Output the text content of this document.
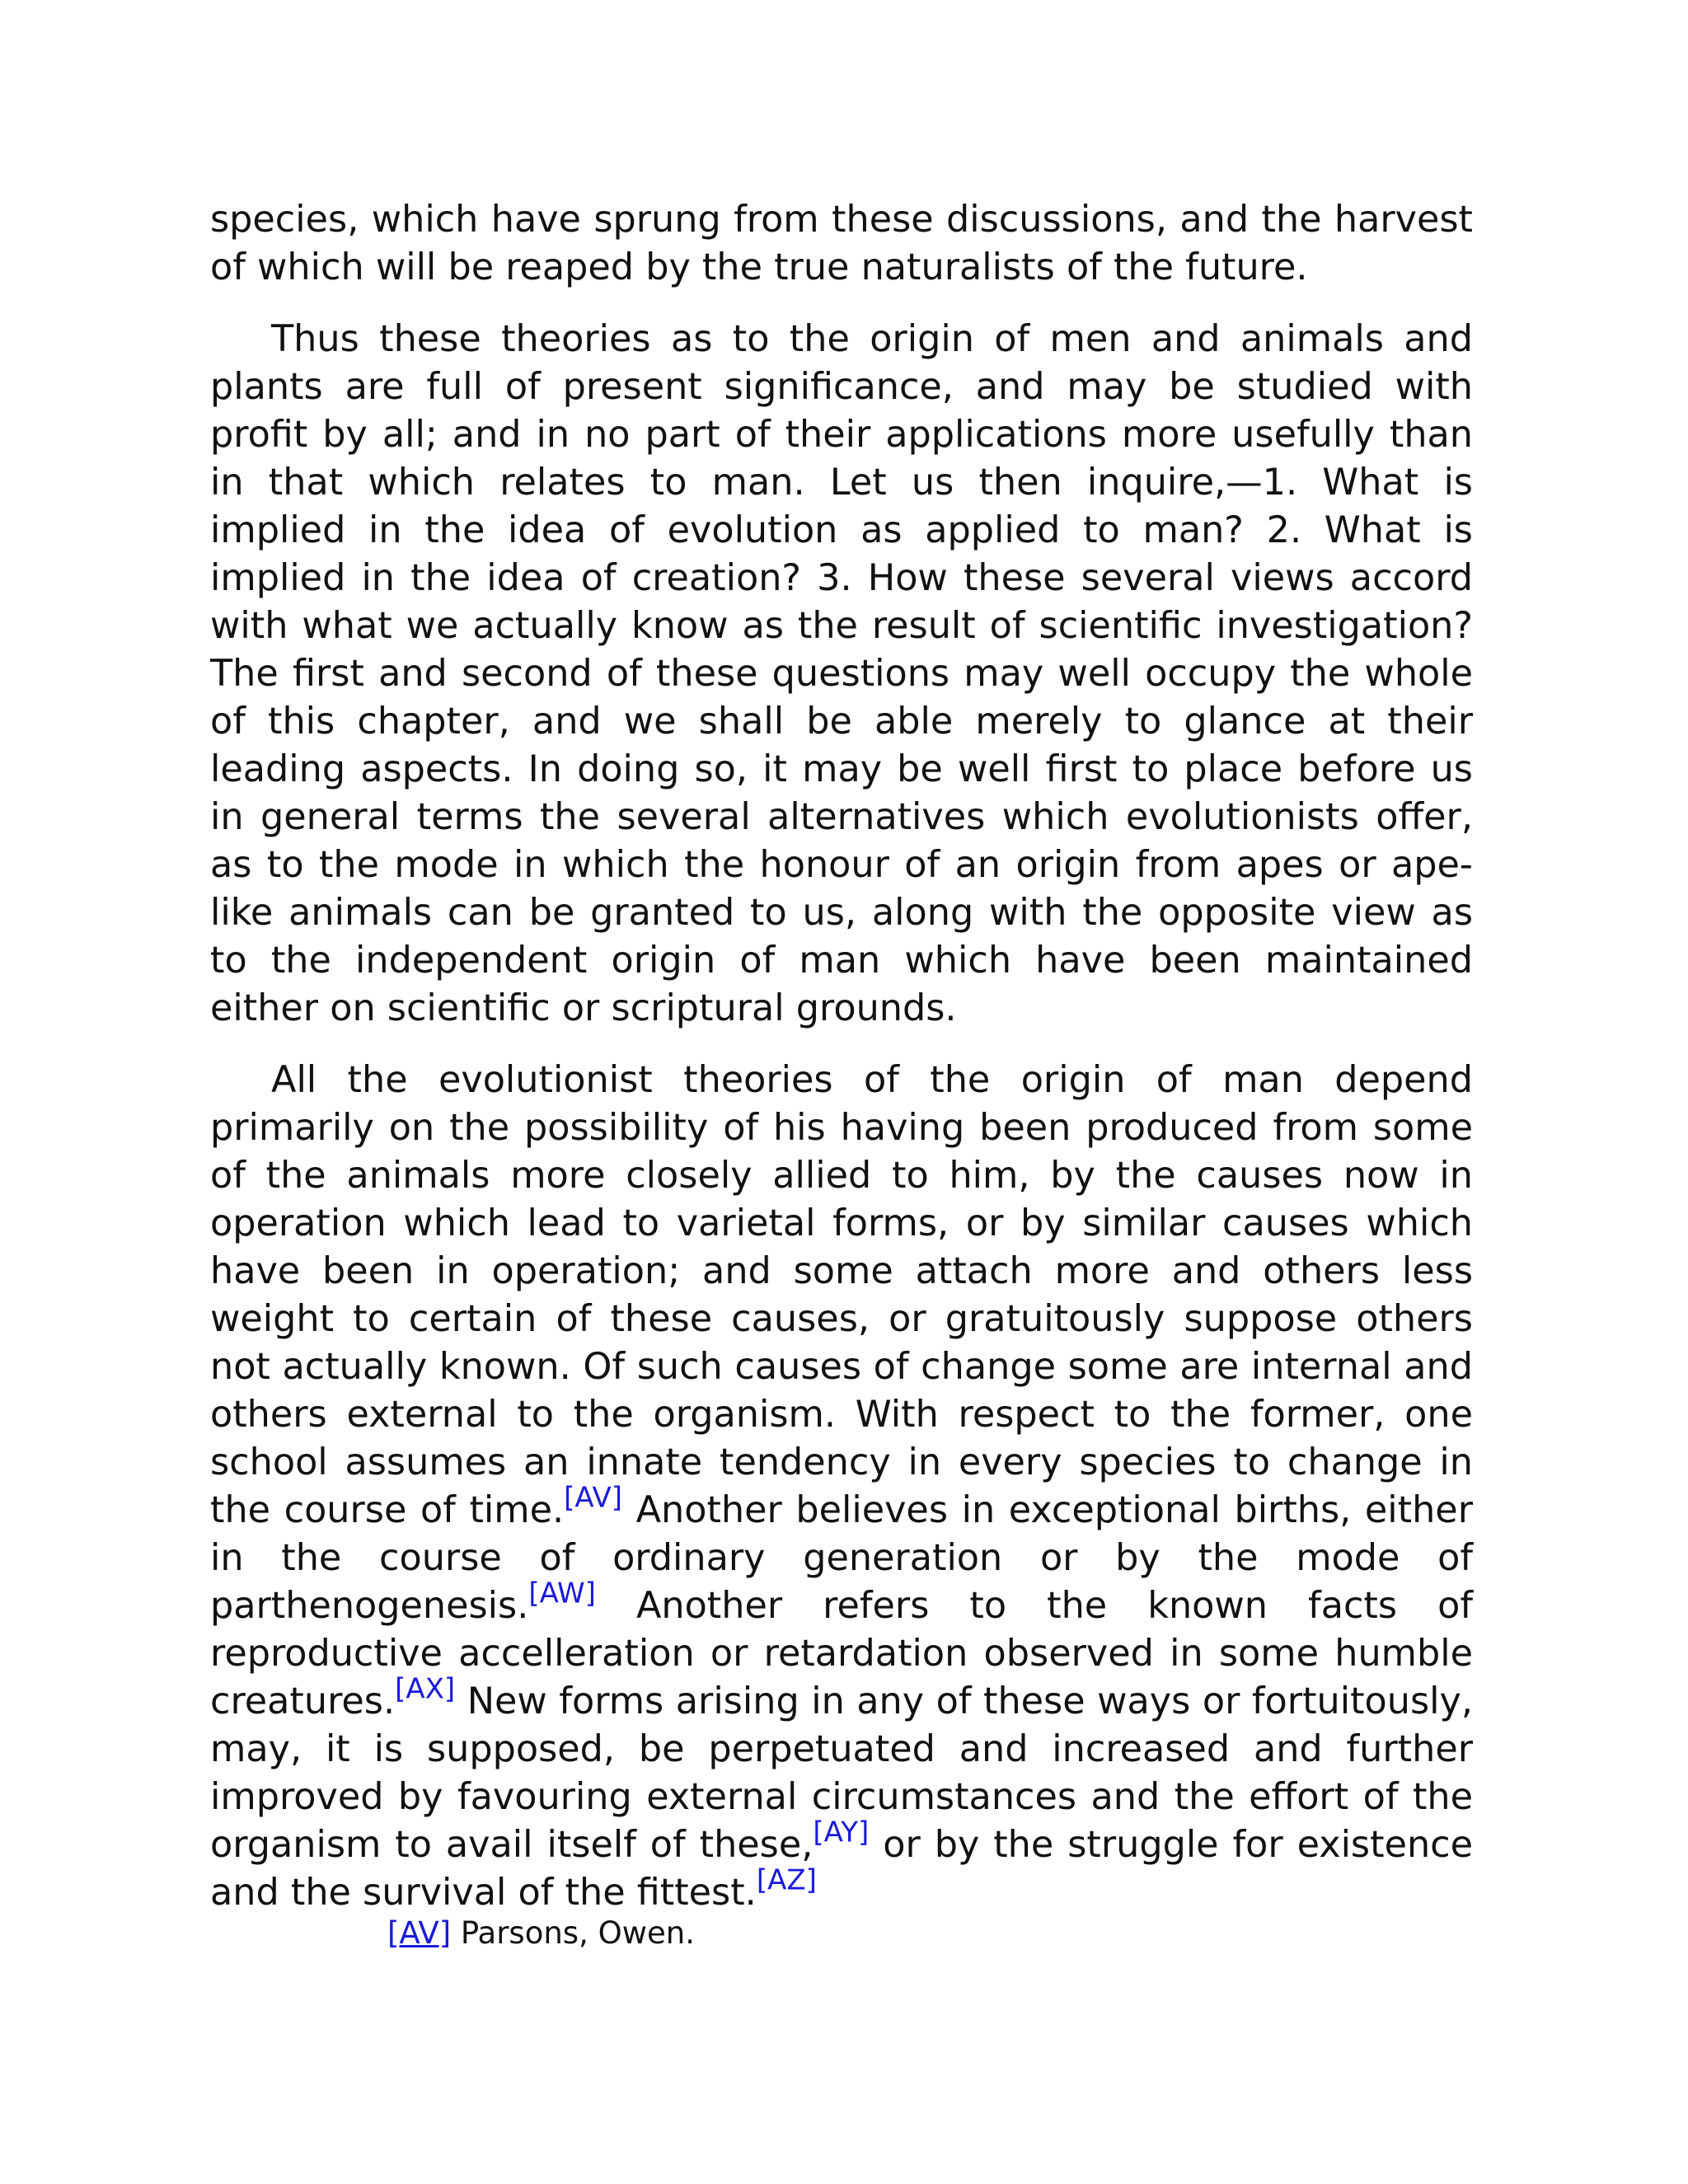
species, which have sprung from these discussions, and the harvest of which will be reaped by the true naturalists of the future.

Thus these theories as to the origin of men and animals and plants are full of present significance, and may be studied with profit by all; and in no part of their applications more usefully than in that which relates to man. Let us then inquire,—1. What is implied in the idea of evolution as applied to man? 2. What is implied in the idea of creation? 3. How these several views accord with what we actually know as the result of scientific investigation? The first and second of these questions may well occupy the whole of this chapter, and we shall be able merely to glance at their leading aspects. In doing so, it may be well first to place before us in general terms the several alternatives which evolutionists offer, as to the mode in which the honour of an origin from apes or ape-like animals can be granted to us, along with the opposite view as to the independent origin of man which have been maintained either on scientific or scriptural grounds.

All the evolutionist theories of the origin of man depend primarily on the possibility of his having been produced from some of the animals more closely allied to him, by the causes now in operation which lead to varietal forms, or by similar causes which have been in operation; and some attach more and others less weight to certain of these causes, or gratuitously suppose others not actually known. Of such causes of change some are internal and others external to the organism. With respect to the former, one school assumes an innate tendency in every species to change in the course of time.[AV] Another believes in exceptional births, either in the course of ordinary generation or by the mode of parthenogenesis.[AW] Another refers to the known facts of reproductive accelleration or retardation observed in some humble creatures.[AX] New forms arising in any of these ways or fortuitously, may, it is supposed, be perpetuated and increased and further improved by favouring external circumstances and the effort of the organism to avail itself of these,[AY] or by the struggle for existence and the survival of the fittest.[AZ]

[AV] Parsons, Owen.
